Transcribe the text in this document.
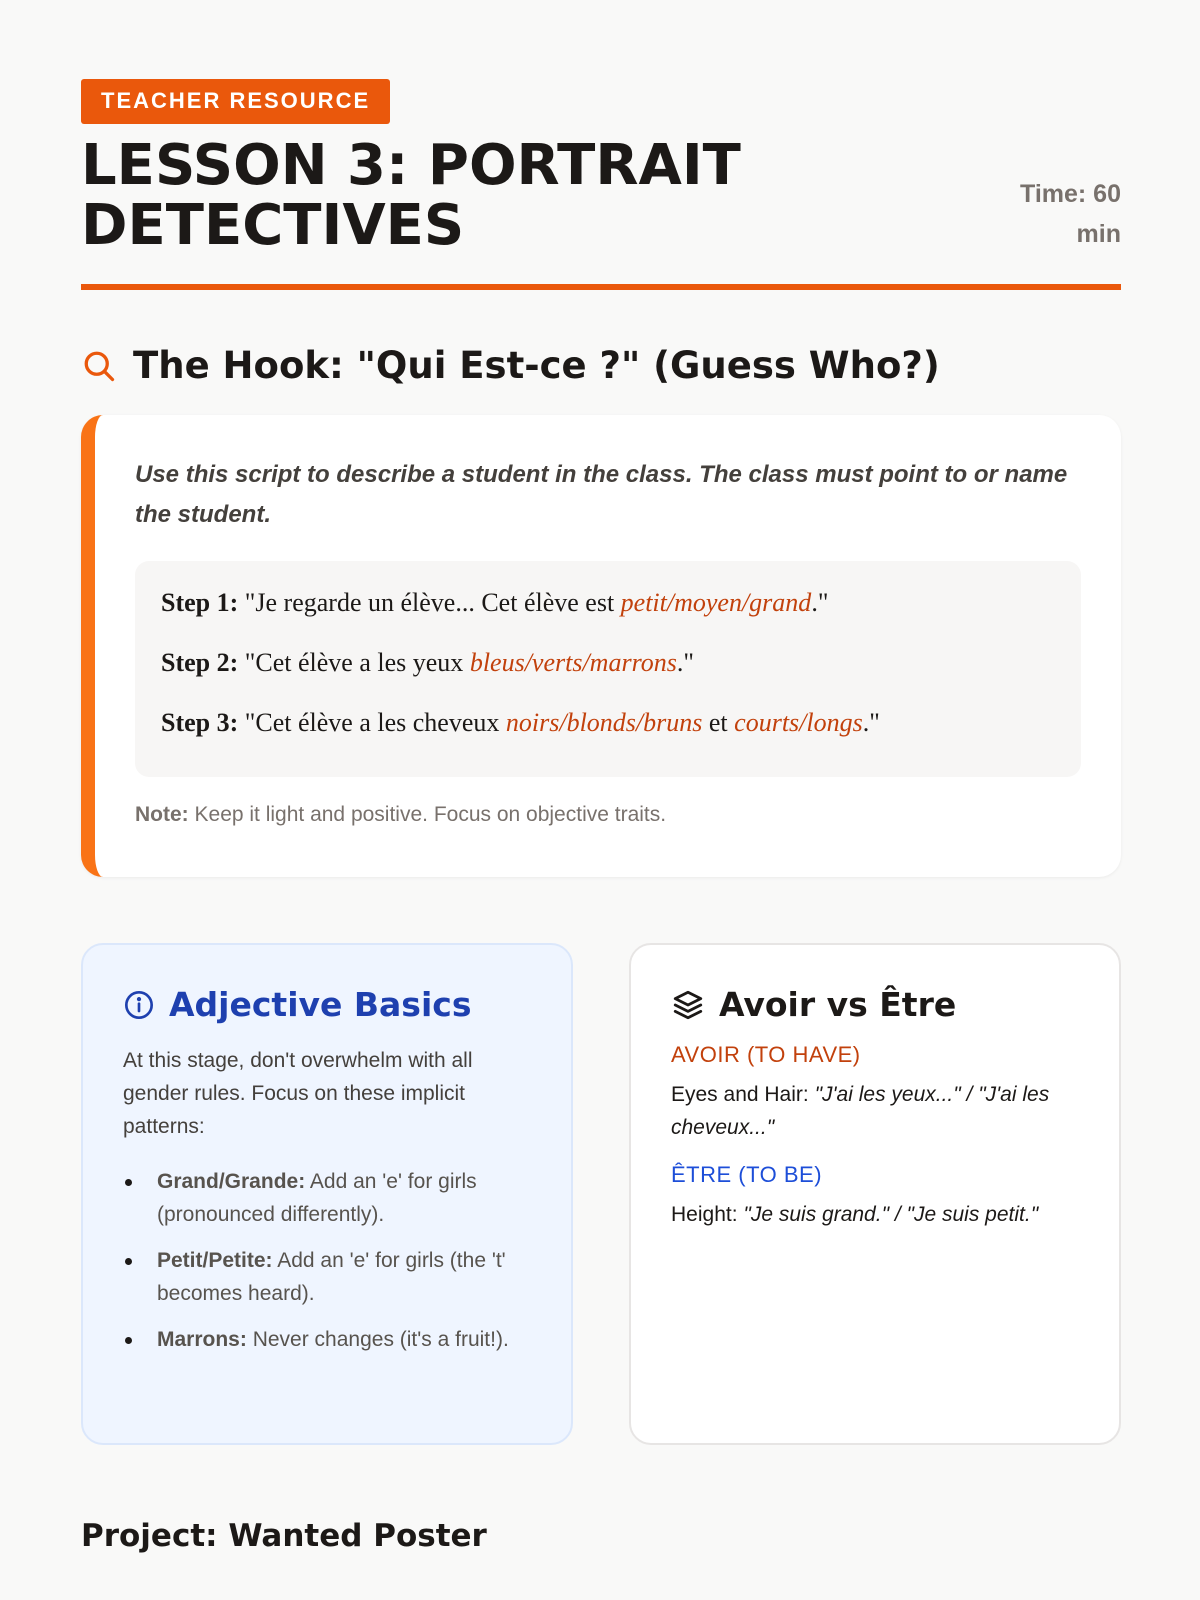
TEACHER RESOURCE
LESSON 3: PORTRAIT DETECTIVES	Time: 60 min
The Hook: "Qui Est-ce ?" (Guess Who?)

Use this script to describe a student in the class. The class must point to or name the student.

Step 1: "Je regarde un élève... Cet élève est petit/moyen/grand."

Step 2: "Cet élève a les yeux bleus/verts/marrons."

Step 3: "Cet élève a les cheveux noirs/blonds/bruns et courts/longs."

Note: Keep it light and positive. Focus on objective traits.

Adjective Basics

At this stage, don't overwhelm with all gender rules. Focus on these implicit patterns:

Grand/Grande: Add an 'e' for girls (pronounced differently).
Petit/Petite: Add an 'e' for girls (the 't' becomes heard).
Marrons: Never changes (it's a fruit!).
Avoir vs Être

AVOIR (TO HAVE)

Eyes and Hair: "J'ai les yeux..." / "J'ai les cheveux..."

ÊTRE (TO BE)

Height: "Je suis grand." / "Je suis petit."

Project: Wanted Poster
